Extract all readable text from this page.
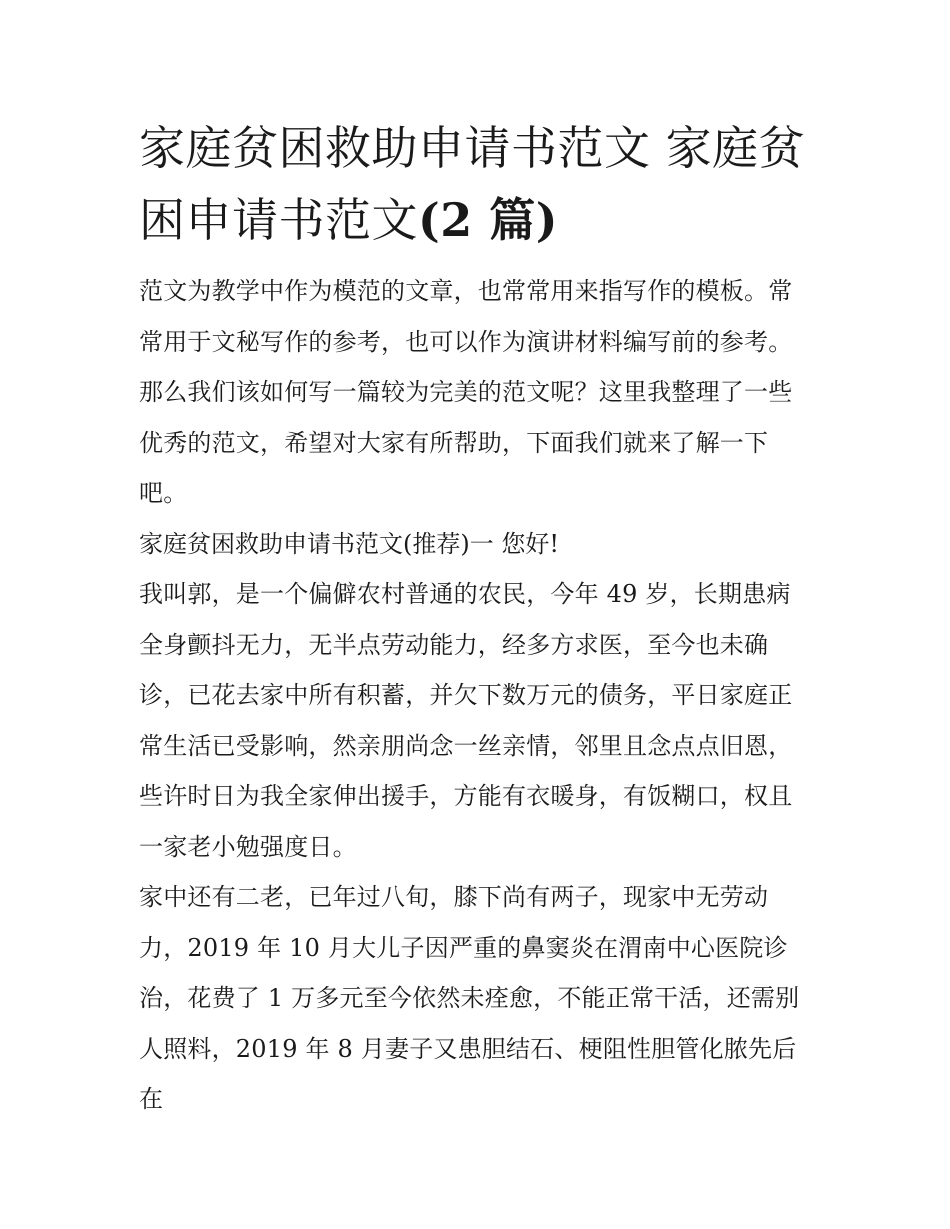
家庭贫困救助申请书范文 家庭贫困申请书范文(2 篇)

范文为教学中作为模范的文章，也常常用来指写作的模板。常常用于文秘写作的参考，也可以作为演讲材料编写前的参考。那么我们该如何写一篇较为完美的范文呢？这里我整理了一些优秀的范文，希望对大家有所帮助，下面我们就来了解一下吧。

家庭贫困救助申请书范文(推荐)一 您好!

我叫郭，是一个偏僻农村普通的农民，今年 49 岁，长期患病全身颤抖无力，无半点劳动能力，经多方求医，至今也未确诊，已花去家中所有积蓄，并欠下数万元的债务，平日家庭正常生活已受影响，然亲朋尚念一丝亲情，邻里且念点点旧恩，些许时日为我全家伸出援手，方能有衣暖身，有饭糊口，权且一家老小勉强度日。

家中还有二老，已年过八旬，膝下尚有两子，现家中无劳动力，2019 年 10 月大儿子因严重的鼻窦炎在渭南中心医院诊治，花费了 1 万多元至今依然未痊愈，不能正常干活，还需别人照料，2019 年 8 月妻子又患胆结石、梗阻性胆管化脓先后在
